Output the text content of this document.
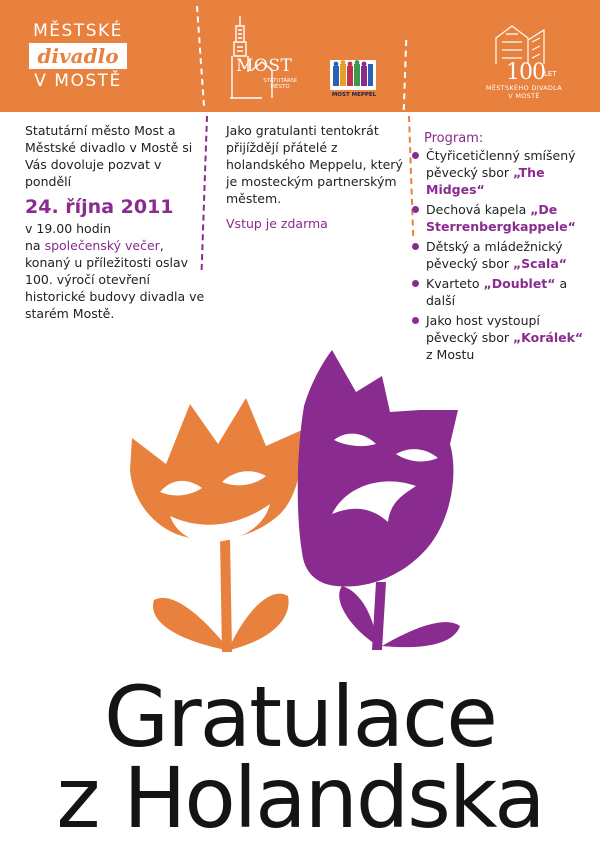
MĚSTSKÉ
divadlo
V MOSTĚ
MOST
STATUTÁRNÍ MĚSTO
MOST MEPPEL
100 LET
MĚSTSKÉHO DIVADLA
V MOSTĚ
Statutární město Most a Městské divadlo v Mostě si Vás dovoluje pozvat v pondělí
24. října 2011
v 19.00 hodin
na společenský večer, konaný u příležitosti oslav 100. výročí otevření historické budovy divadla ve starém Mostě.
Jako gratulanti tentokrát přijíždějí přátelé z holandského Meppelu, který je mosteckým partnerským městem.
Vstup je zdarma
Program:
Čtyřicetičlenný smíšený pěvecký sbor „The Midges“
Dechová kapela „De Sterrenbergkappele“
Dětský a mládežnický pěvecký sbor „Scala“
Kvarteto „Doublet“ a další
Jako host vystoupí pěvecký sbor „Korálek“ z Mostu
Gratulace
z Holandska
